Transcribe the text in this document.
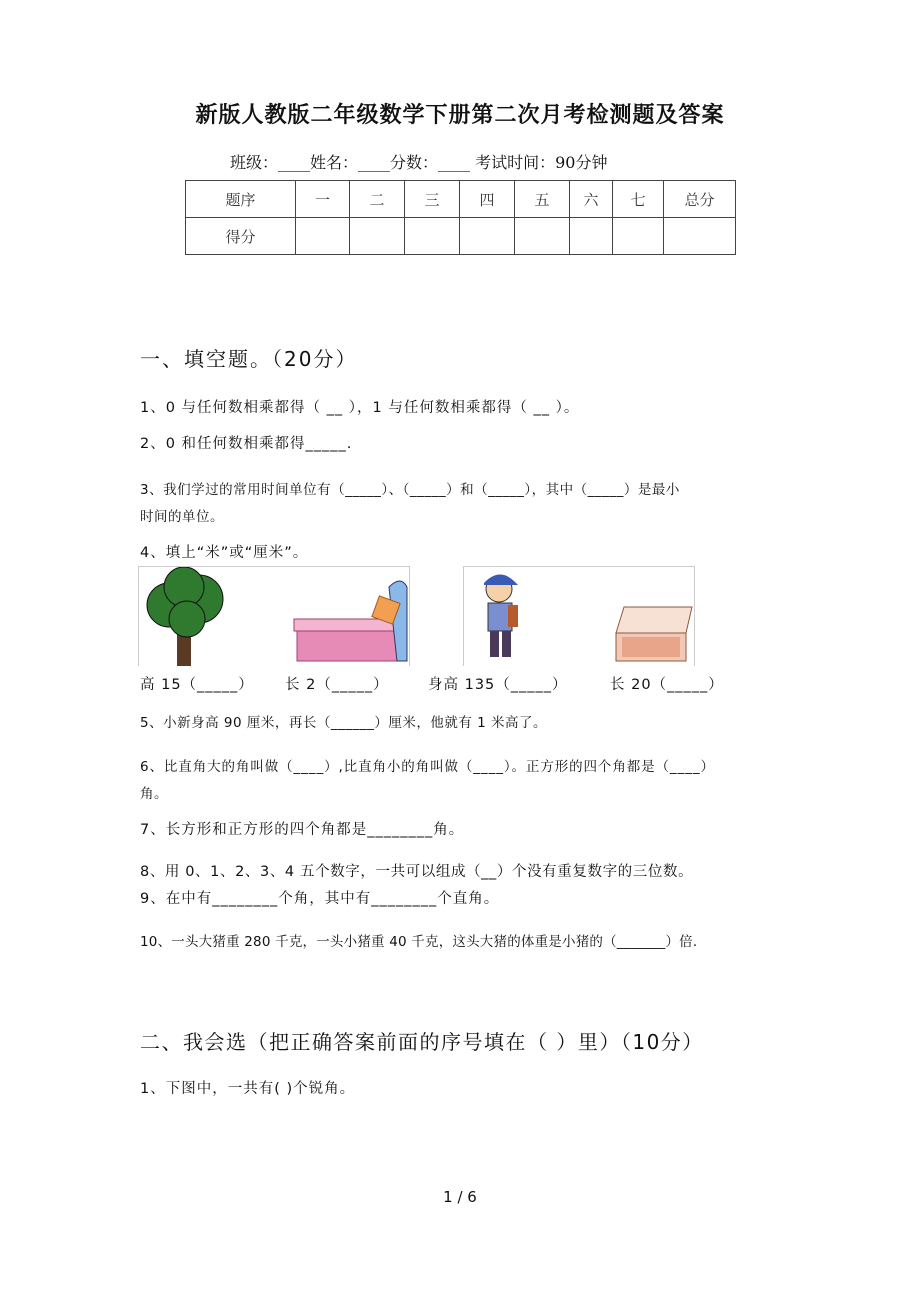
新版人教版二年级数学下册第二次月考检测题及答案
班级：____姓名：____分数：____ 考试时间：90分钟
题序	一	二	三	四	五	六	七	总分
得分								
一、填空题。（20分）
1、0 与任何数相乘都得（ __ ），1 与任何数相乘都得（ __ ）。
2、0 和任何数相乘都得_____.
3、我们学过的常用时间单位有（_____）、（_____）和（_____），其中（_____）是最小
时间的单位。
4、填上“米”或“厘米”。
高 15（_____） 长 2（_____）	身高 135（_____）	长 20（_____）
5、小新身高 90 厘米，再长（______）厘米，他就有 1 米高了。
6、比直角大的角叫做（____）,比直角小的角叫做（____）。正方形的四个角都是（____）
角。
7、长方形和正方形的四个角都是________角。
8、用 0、1、2、3、4 五个数字，一共可以组成（__）个没有重复数字的三位数。
9、在中有________个角，其中有________个直角。
10、一头大猪重 280 千克，一头小猪重 40 千克，这头大猪的体重是小猪的（_______）倍.
二、我会选（把正确答案前面的序号填在（ ）里）（10分）
1、下图中，一共有( )个锐角。
1 / 6
